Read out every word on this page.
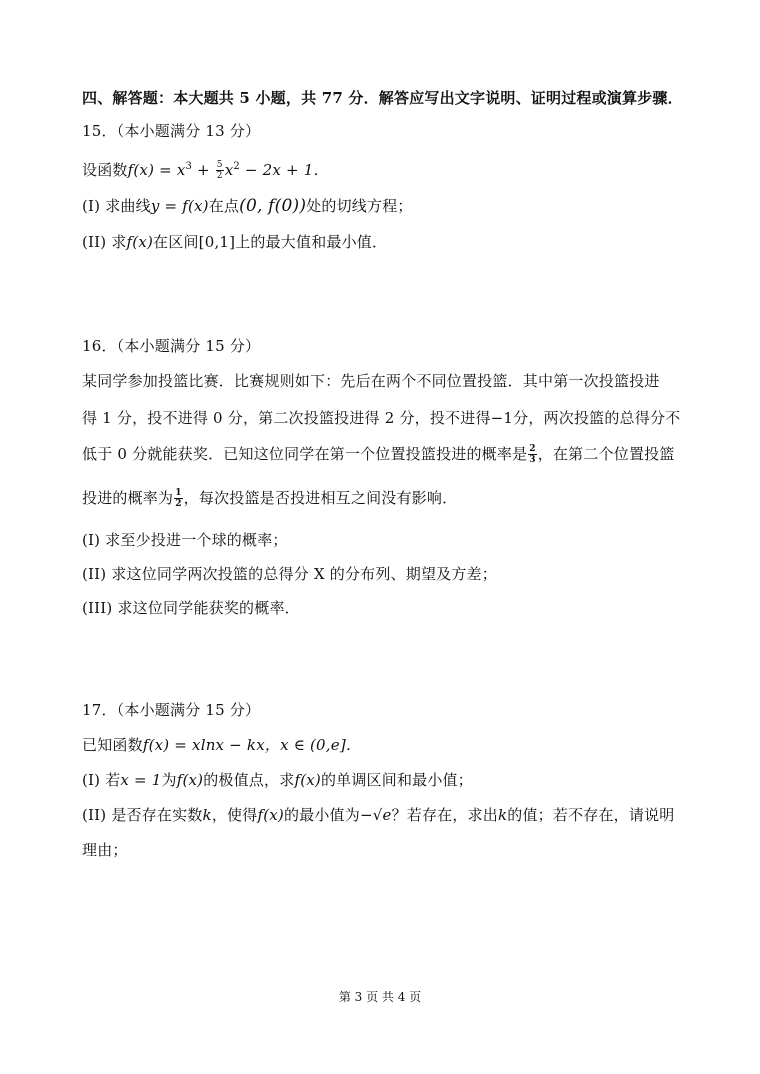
四、解答题：本大题共 5 小题，共 77 分．解答应写出文字说明、证明过程或演算步骤．
15．（本小题满分 13 分）
设函数$f(x) = x^3 + \frac{5}{2} x^2 - 2x + 1$．
(I) 求曲线y = f(x)在点(0, f(0))处的切线方程；
(II) 求f(x)在区间[0,1]上的最大值和最小值．
16．（本小题满分 15 分）
某同学参加投篮比赛．比赛规则如下：先后在两个不同位置投篮．其中第一次投篮投进
得 1 分，投不进得 0 分，第二次投篮投进得 2 分，投不进得−1分，两次投篮的总得分不
低于 0 分就能获奖．已知这位同学在第一个位置投篮投进的概率是 $\frac{2}{3}$ ，在第二个位置投篮
投进的概率为 $\frac{1}{2}$ ，每次投篮是否投进相互之间没有影响．
(I) 求至少投进一个球的概率；
(II) 求这位同学两次投篮的总得分 X 的分布列、期望及方差；
(III) 求这位同学能获奖的概率．
17．（本小题满分 15 分）
已知函数f(x) = xlnx − kx，x ∈ (0,e]．
(I) 若x = 1为f(x)的极值点，求f(x)的单调区间和最小值；
(II) 是否存在实数k，使得f(x)的最小值为−√e？若存在，求出k的值；若不存在，请说明
理由；
第 3 页 共 4 页
